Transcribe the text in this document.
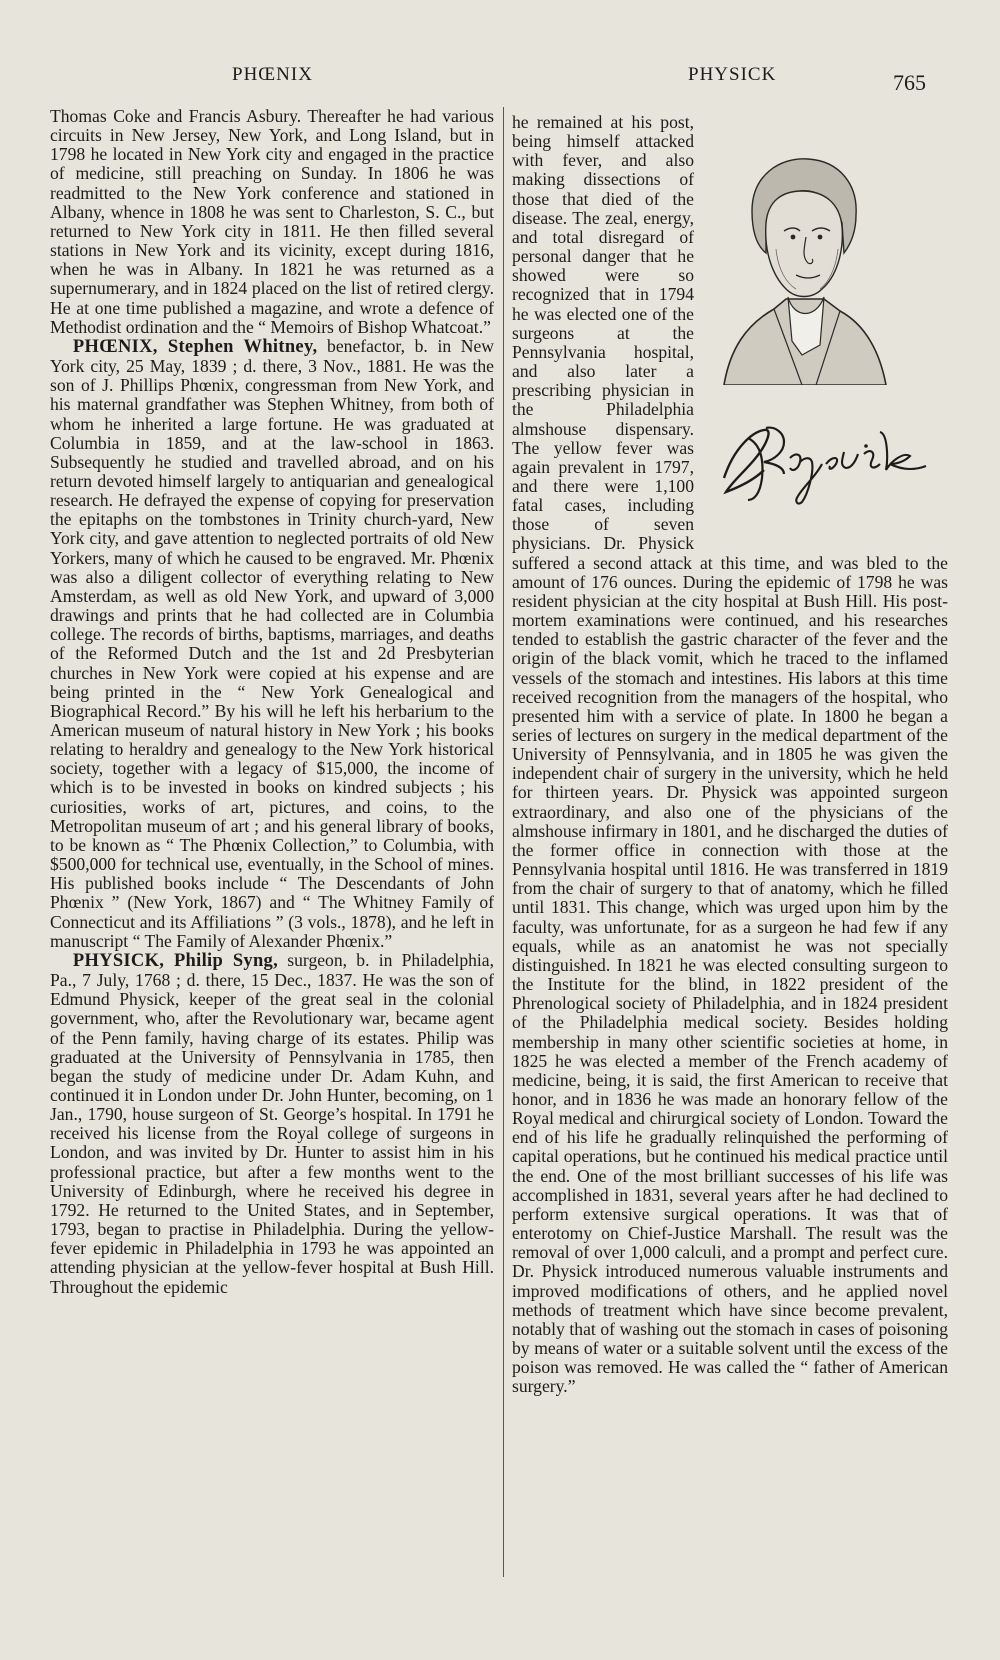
PHŒNIX	PHYSICK	765

Thomas Coke and Francis Asbury. Thereafter he had various circuits in New Jersey, New York, and Long Island, but in 1798 he located in New York city and engaged in the practice of medicine, still preaching on Sunday. In 1806 he was readmitted to the New York conference and stationed in Albany, whence in 1808 he was sent to Charleston, S. C., but returned to New York city in 1811. He then filled several stations in New York and its vicinity, except during 1816, when he was in Albany. In 1821 he was returned as a supernumerary, and in 1824 placed on the list of retired clergy. He at one time published a magazine, and wrote a defence of Methodist ordination and the “ Memoirs of Bishop Whatcoat.”

PHŒNIX, Stephen Whitney, benefactor, b. in New York city, 25 May, 1839 ; d. there, 3 Nov., 1881. He was the son of J. Phillips Phœnix, congressman from New York, and his maternal grandfather was Stephen Whitney, from both of whom he inherited a large fortune. He was graduated at Columbia in 1859, and at the law-school in 1863. Subsequently he studied and travelled abroad, and on his return devoted himself largely to antiquarian and genealogical research. He defrayed the expense of copying for preservation the epitaphs on the tombstones in Trinity church-yard, New York city, and gave attention to neglected portraits of old New Yorkers, many of which he caused to be engraved. Mr. Phœnix was also a diligent collector of everything relating to New Amsterdam, as well as old New York, and upward of 3,000 drawings and prints that he had collected are in Columbia college. The records of births, baptisms, marriages, and deaths of the Reformed Dutch and the 1st and 2d Presbyterian churches in New York were copied at his expense and are being printed in the “ New York Genealogical and Biographical Record.” By his will he left his herbarium to the American museum of natural history in New York ; his books relating to heraldry and genealogy to the New York historical society, together with a legacy of $15,000, the income of which is to be invested in books on kindred subjects ; his curiosities, works of art, pictures, and coins, to the Metropolitan museum of art ; and his general library of books, to be known as “ The Phœnix Collection,” to Columbia, with $500,000 for technical use, eventually, in the School of mines. His published books include “ The Descendants of John Phœnix ” (New York, 1867) and “ The Whitney Family of Connecticut and its Affiliations ” (3 vols., 1878), and he left in manuscript “ The Family of Alexander Phœnix.”

PHYSICK, Philip Syng, surgeon, b. in Philadelphia, Pa., 7 July, 1768 ; d. there, 15 Dec., 1837. He was the son of Edmund Physick, keeper of the great seal in the colonial government, who, after the Revolutionary war, became agent of the Penn family, having charge of its estates. Philip was graduated at the University of Pennsylvania in 1785, then began the study of medicine under Dr. Adam Kuhn, and continued it in London under Dr. John Hunter, becoming, on 1 Jan., 1790, house surgeon of St. George’s hospital. In 1791 he received his license from the Royal college of surgeons in London, and was invited by Dr. Hunter to assist him in his professional practice, but after a few months went to the University of Edinburgh, where he received his degree in 1792. He returned to the United States, and in September, 1793, began to practise in Philadelphia. During the yellow-fever epidemic in Philadelphia in 1793 he was appointed an attending physician at the yellow-fever hospital at Bush Hill. Throughout the epidemic

he remained at his post, being himself attacked with fever, and also making dissections of those that died of the disease. The zeal, energy, and total disregard of personal danger that he showed were so recognized that in 1794 he was elected one of the surgeons at the Pennsylvania hospital, and also later a prescribing physician in the Philadelphia almshouse dispensary. The yellow fever was again prevalent in 1797, and there were 1,100 fatal cases, including those of seven physicians. Dr. Physick suffered a second attack at this time, and was bled to the amount of 176 ounces. During the epidemic of 1798 he was resident physician at the city hospital at Bush Hill. His post-mortem examinations were continued, and his researches tended to establish the gastric character of the fever and the origin of the black vomit, which he traced to the inflamed vessels of the stomach and intestines. His labors at this time received recognition from the managers of the hospital, who presented him with a service of plate. In 1800 he began a series of lectures on surgery in the medical department of the University of Pennsylvania, and in 1805 he was given the independent chair of surgery in the university, which he held for thirteen years. Dr. Physick was appointed surgeon extraordinary, and also one of the physicians of the almshouse infirmary in 1801, and he discharged the duties of the former office in connection with those at the Pennsylvania hospital until 1816. He was transferred in 1819 from the chair of surgery to that of anatomy, which he filled until 1831. This change, which was urged upon him by the faculty, was unfortunate, for as a surgeon he had few if any equals, while as an anatomist he was not specially distinguished. In 1821 he was elected consulting surgeon to the Institute for the blind, in 1822 president of the Phrenological society of Philadelphia, and in 1824 president of the Philadelphia medical society. Besides holding membership in many other scientific societies at home, in 1825 he was elected a member of the French academy of medicine, being, it is said, the first American to receive that honor, and in 1836 he was made an honorary fellow of the Royal medical and chirurgical society of London. Toward the end of his life he gradually relinquished the performing of capital operations, but he continued his medical practice until the end. One of the most brilliant successes of his life was accomplished in 1831, several years after he had declined to perform extensive surgical operations. It was that of enterotomy on Chief-Justice Marshall. The result was the removal of over 1,000 calculi, and a prompt and perfect cure. Dr. Physick introduced numerous valuable instruments and improved modifications of others, and he applied novel methods of treatment which have since become prevalent, notably that of washing out the stomach in cases of poisoning by means of water or a suitable solvent until the excess of the poison was removed. He was called the “ father of American surgery.”
